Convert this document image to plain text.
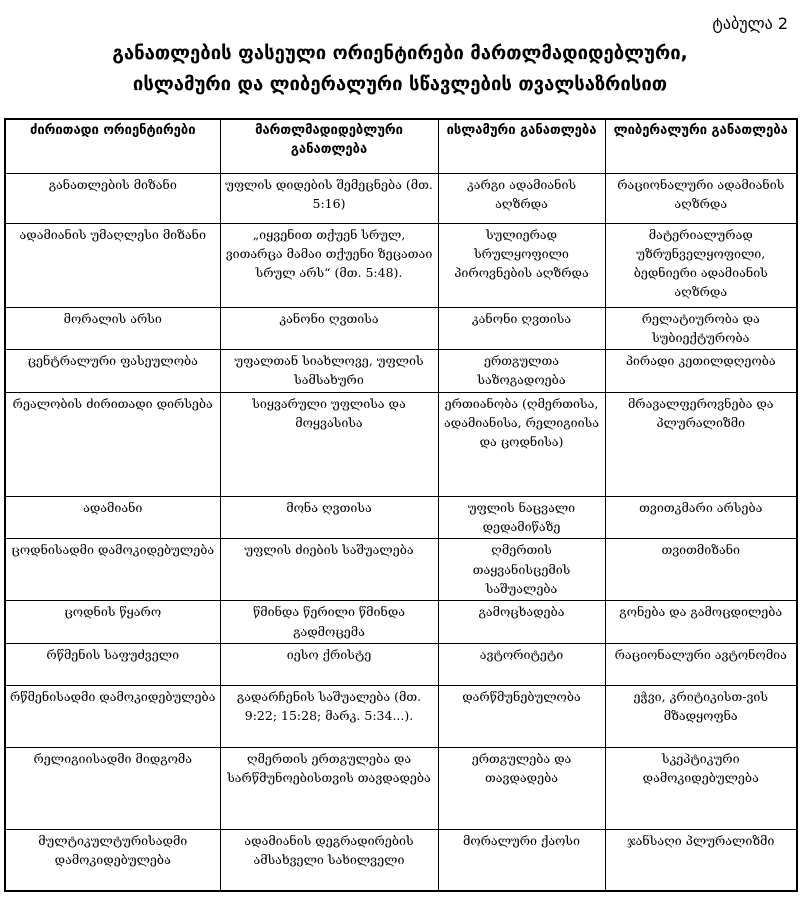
ტაბულა 2
განათლების ფასეული ორიენტირები მართლმადიდებლური,
ისლამური და ლიბერალური სწავლების თვალსაზრისით
ძირითადი ორიენტირები	მართლმადიდებლური განათლება	ისლამური განათლება	ლიბერალური განათლება
განათლების მიზანი	უფლის დიდების შემეცნება (მთ. 5:16)	კარგი ადამიანის აღზრდა	რაციონალური ადამიანის აღზრდა
ადამიანის უმაღლესი მიზანი	„იყვენით თქუენ სრულ, ვითარცა მამაი თქუენი ზეცათაი სრულ არს“ (მთ. 5:48).	სულიერად სრულყოფილი პიროვნების აღზრდა	მატერიალურად უზრუნველყოფილი, ბედნიერი ადამიანის აღზრდა
მორალის არსი	კანონი ღვთისა	კანონი ღვთისა	რელატიურობა და სუბიექტურობა
ცენტრალური ფასეულობა	უფალთან სიახლოვე, უფლის სამსახური	ერთგულთა საზოგადოება	პირადი კეთილდღეობა
რეალობის ძირითადი დირსება	სიყვარული უფლისა და მოყვასისა	ერთიანობა (ღმერთისა, ადამიანისა, რელიგიისა და ცოდნისა)	მრავალფეროვნება და პლურალიზმი
ადამიანი	მონა ღვთისა	უფლის ნაცვალი დედამიწაზე	თვითკმარი არსება
ცოდნისადმი დამოკიდებულება	უფლის ძიების საშუალება	ღმერთის თაყვანისცემის საშუალება	თვითმიზანი
ცოდნის წყარო	წმინდა წერილი წმინდა გადმოცემა	გამოცხადება	გონება და გამოცდილება
რწმენის საფუძველი	იესო ქრისტე	ავტორიტეტი	რაციონალური ავტონომია
რწმენისადმი დამოკიდებულება	გადარჩენის საშუალება (მთ. 9:22; 15:28; მარკ. 5:34...).	დარწმუნებულობა	ეჭვი, კრიტიკისთ-ვის მზადყოფნა
რელიგიისადმი მიდგომა	ღმერთის ერთგულება და სარწმუნოებისთვის თავდადება	ერთგულება და თავდადება	სკეპტიკური დამოკიდებულება
მულტიკულტურისადმი დამოკიდებულება	ადამიანის დეგრადირების ამსახველი სახილველი	მორალური ქაოსი	ჯანსაღი პლურალიზმი
